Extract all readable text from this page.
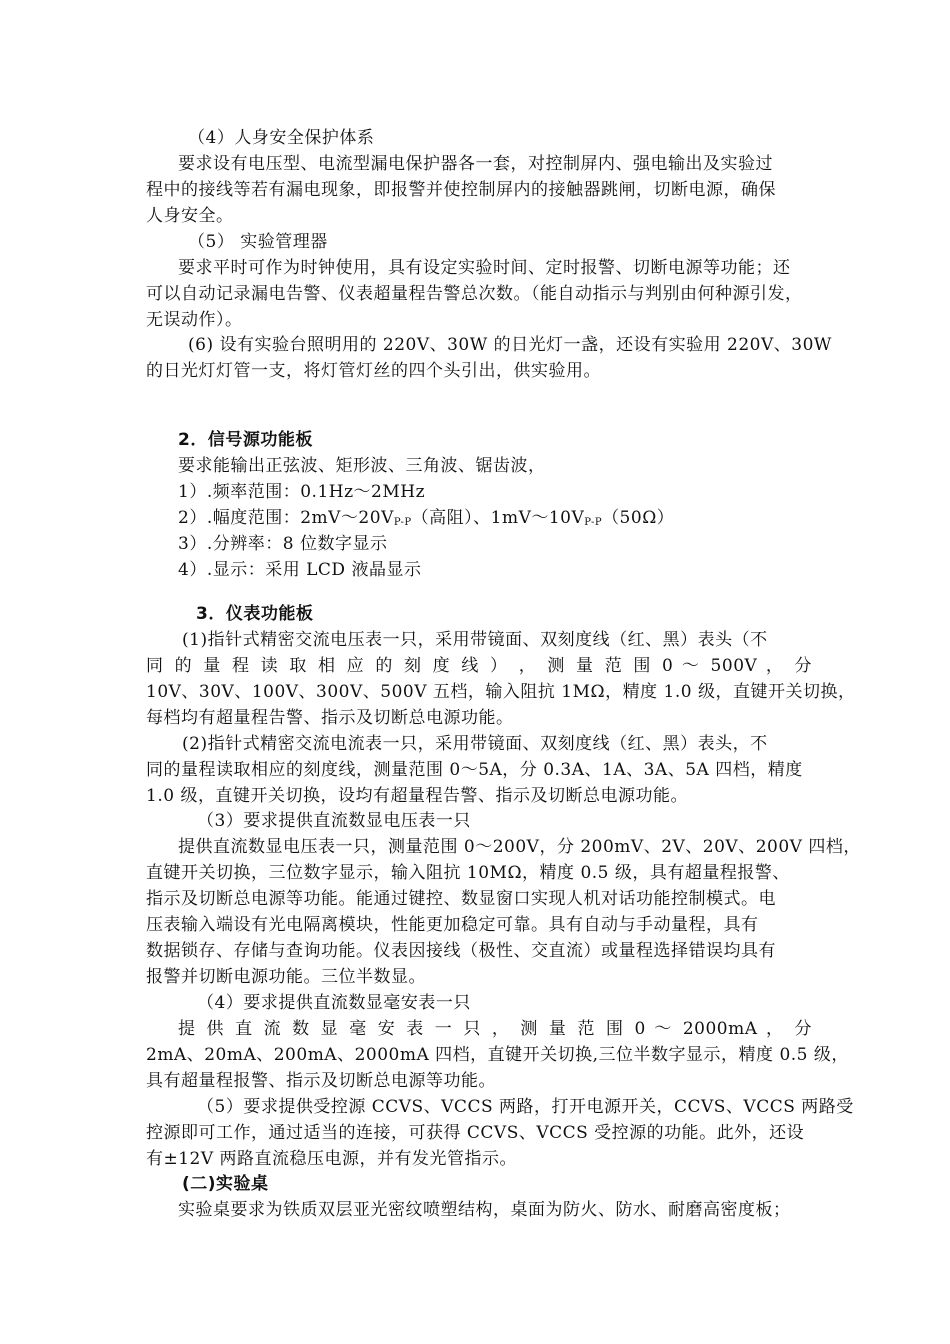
（4）人身安全保护体系
要求设有电压型、电流型漏电保护器各一套，对控制屏内、强电输出及实验过
程中的接线等若有漏电现象，即报警并使控制屏内的接触器跳闸，切断电源，确保
人身安全。
（5） 实验管理器
要求平时可作为时钟使用，具有设定实验时间、定时报警、切断电源等功能；还
可以自动记录漏电告警、仪表超量程告警总次数。（能自动指示与判别由何种源引发，
无误动作）。
(6) 设有实验台照明用的 220V、30W 的日光灯一盏，还设有实验用 220V、30W
的日光灯灯管一支，将灯管灯丝的四个头引出，供实验用。
2．信号源功能板
要求能输出正弦波、矩形波、三角波、锯齿波，
1）.频率范围：0.1Hz～2MHz
2）.幅度范围：$2mV\sim 20V_{P-P}$（高阻）、$1mV\sim 10V_{P-P}(50\Omega)$
3）.分辨率：8 位数字显示
4）.显示：采用 LCD 液晶显示
3．仪表功能板
(1)指针式精密交流电压表一只，采用带镜面、双刻度线（红、黑）表头（不
同 的 量 程 读 取 相 应 的 刻 度 线 ） ， 测 量 范 围 0 ～ 500V ， 分
10V、30V、100V、300V、500V 五档，输入阻抗 1MΩ，精度 1.0 级，直键开关切换，
每档均有超量程告警、指示及切断总电源功能。
(2)指针式精密交流电流表一只，采用带镜面、双刻度线（红、黑）表头，不
同的量程读取相应的刻度线，测量范围 0～5A，分 0.3A、1A、3A、5A 四档，精度
1.0 级，直键开关切换，设均有超量程告警、指示及切断总电源功能。
（3）要求提供直流数显电压表一只
提供直流数显电压表一只，测量范围 0～200V，分 200mV、2V、20V、200V 四档，
直键开关切换，三位数字显示，输入阻抗 10MΩ，精度 0.5 级，具有超量程报警、
指示及切断总电源等功能。能通过键控、数显窗口实现人机对话功能控制模式。电
压表输入端设有光电隔离模块，性能更加稳定可靠。具有自动与手动量程，具有
数据锁存、存储与查询功能。仪表因接线（极性、交直流）或量程选择错误均具有
报警并切断电源功能。三位半数显。
（4）要求提供直流数显毫安表一只
提 供 直 流 数 显 毫 安 表 一 只 ， 测 量 范 围 0 ～ 2000mA ， 分
2mA、20mA、200mA、2000mA 四档，直键开关切换,三位半数字显示，精度 0.5 级，
具有超量程报警、指示及切断总电源等功能。
（5）要求提供受控源 CCVS、VCCS 两路，打开电源开关，CCVS、VCCS 两路受
控源即可工作，通过适当的连接，可获得 CCVS、VCCS 受控源的功能。此外，还设
有±12V 两路直流稳压电源，并有发光管指示。
(二)实验桌
实验桌要求为铁质双层亚光密纹喷塑结构，桌面为防火、防水、耐磨高密度板；
